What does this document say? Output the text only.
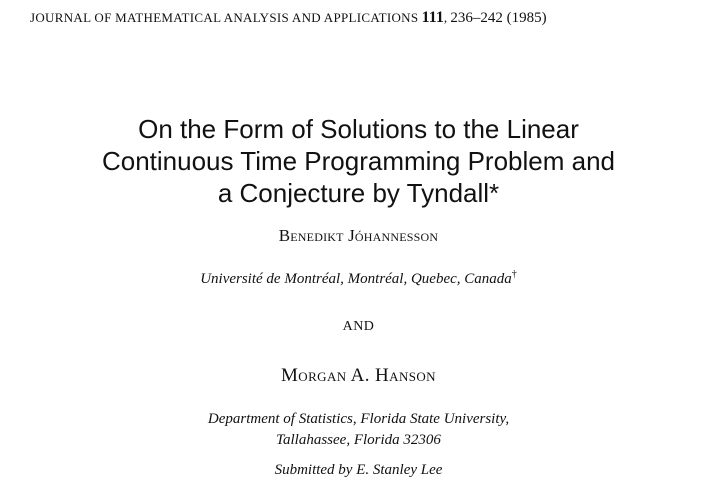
JOURNAL OF MATHEMATICAL ANALYSIS AND APPLICATIONS 111, 236–242 (1985)
On the Form of Solutions to the Linear
Continuous Time Programming Problem and
a Conjecture by Tyndall*
Benedikt Jóhannesson
Université de Montréal, Montréal, Quebec, Canada†
AND
Morgan A. Hanson
Department of Statistics, Florida State University,
Tallahassee, Florida 32306
Submitted by E. Stanley Lee
